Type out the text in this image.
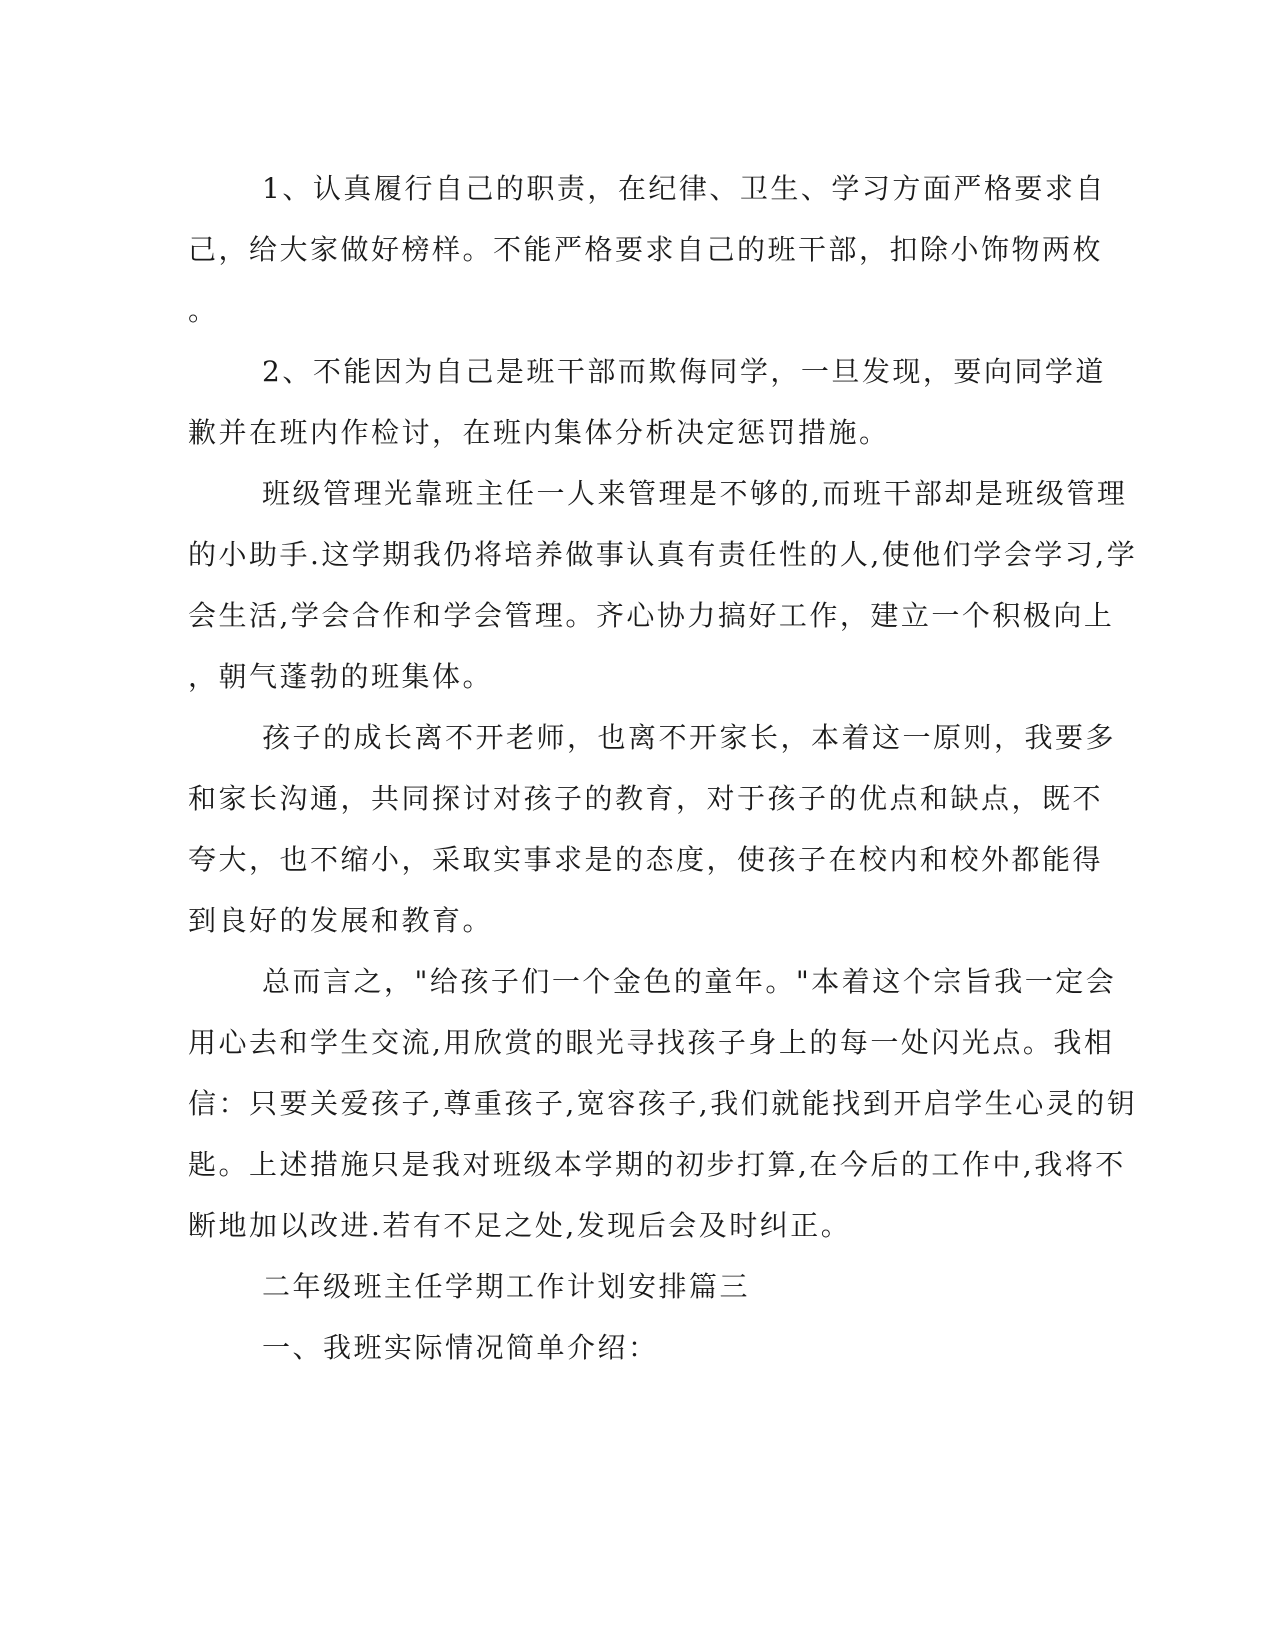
1、认真履行自己的职责，在纪律、卫生、学习方面严格要求自
己，给大家做好榜样。不能严格要求自己的班干部，扣除小饰物两枚
。

2、不能因为自己是班干部而欺侮同学，一旦发现，要向同学道
歉并在班内作检讨，在班内集体分析决定惩罚措施。

班级管理光靠班主任一人来管理是不够的,而班干部却是班级管理
的小助手.这学期我仍将培养做事认真有责任性的人,使他们学会学习,学
会生活,学会合作和学会管理。齐心协力搞好工作，建立一个积极向上
，朝气蓬勃的班集体。

孩子的成长离不开老师，也离不开家长，本着这一原则，我要多
和家长沟通，共同探讨对孩子的教育，对于孩子的优点和缺点，既不
夸大，也不缩小，采取实事求是的态度，使孩子在校内和校外都能得
到良好的发展和教育。

总而言之，"给孩子们一个金色的童年。"本着这个宗旨我一定会
用心去和学生交流,用欣赏的眼光寻找孩子身上的每一处闪光点。我相
信：只要关爱孩子,尊重孩子,宽容孩子,我们就能找到开启学生心灵的钥
匙。上述措施只是我对班级本学期的初步打算,在今后的工作中,我将不
断地加以改进.若有不足之处,发现后会及时纠正。

二年级班主任学期工作计划安排篇三

一、我班实际情况简单介绍：
